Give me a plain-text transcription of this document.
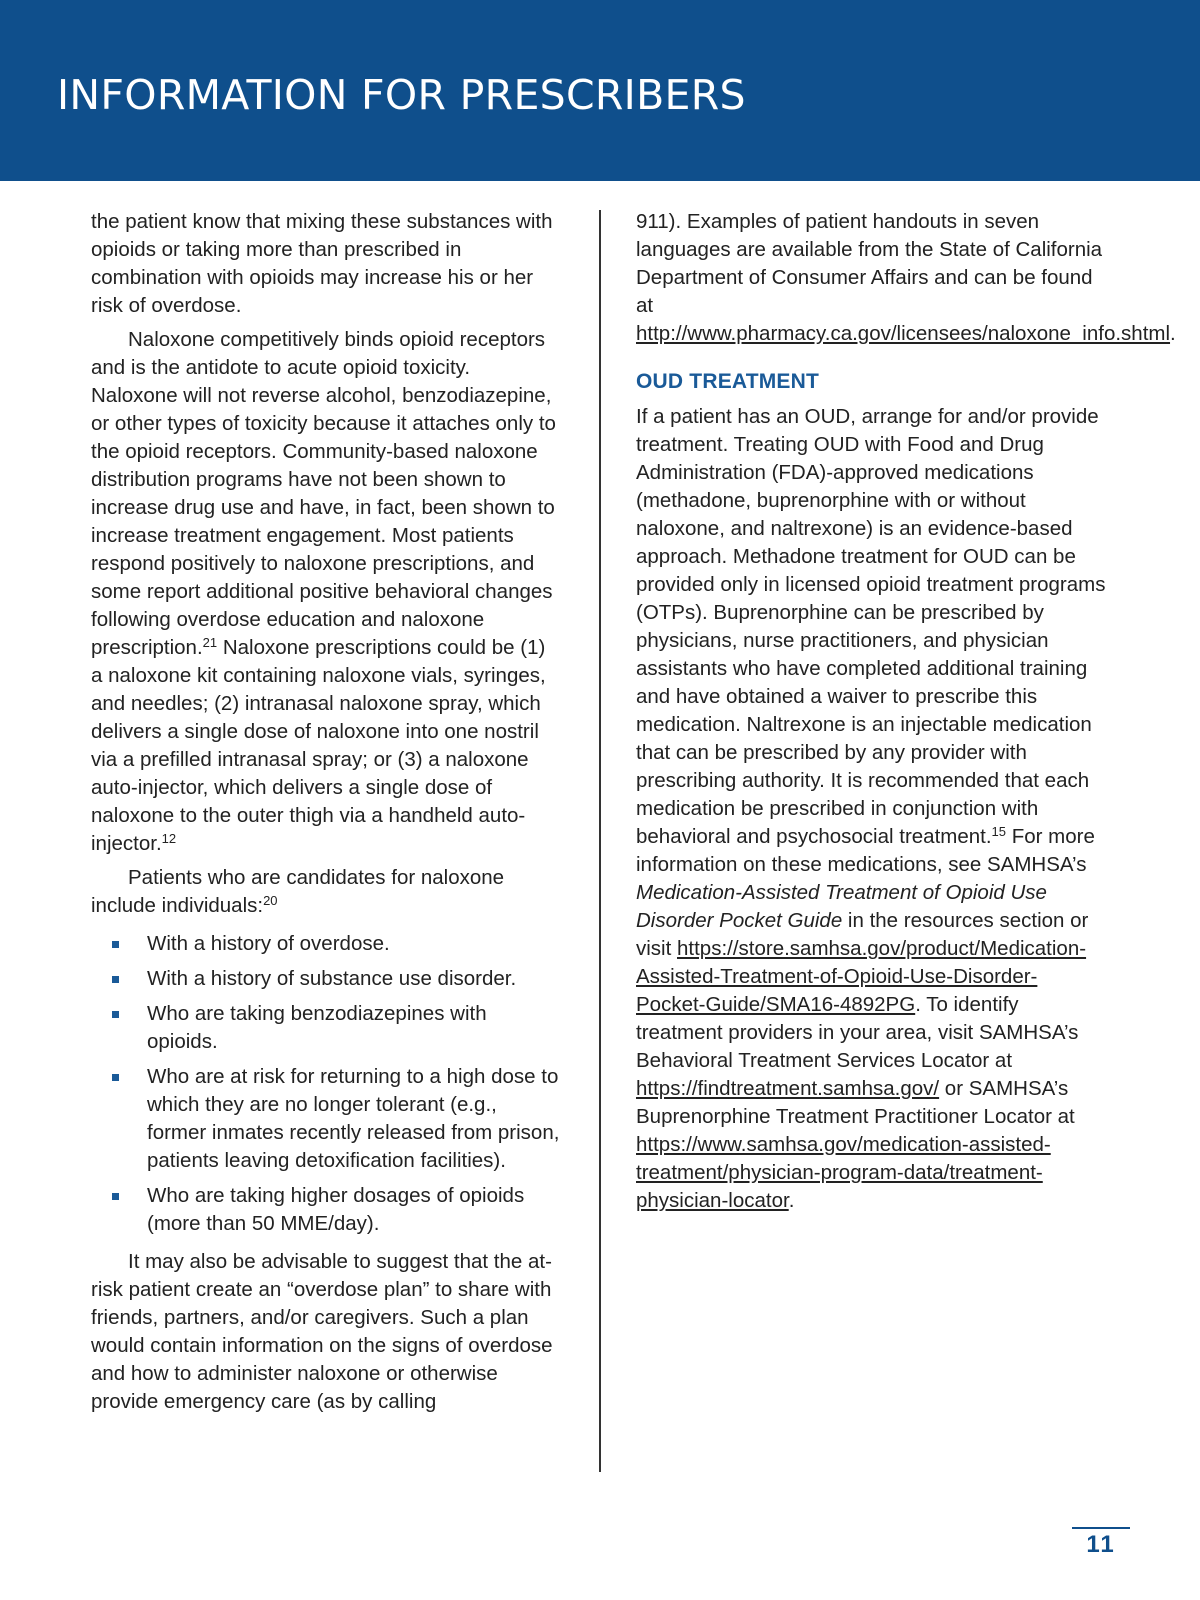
INFORMATION FOR PRESCRIBERS

the patient know that mixing these substances with opioids or taking more than prescribed in combination with opioids may increase his or her risk of overdose.

Naloxone competitively binds opioid receptors and is the antidote to acute opioid toxicity. Naloxone will not reverse alcohol, benzodiazepine, or other types of toxicity because it attaches only to the opioid receptors. Community-based naloxone distribution programs have not been shown to increase drug use and have, in fact, been shown to increase treatment engagement. Most patients respond positively to naloxone prescriptions, and some report additional positive behavioral changes following overdose education and naloxone prescription.$^{21}$ Naloxone prescriptions could be (1) a naloxone kit containing naloxone vials, syringes, and needles; (2) intranasal naloxone spray, which delivers a single dose of naloxone into one nostril via a prefilled intranasal spray; or (3) a naloxone auto-injector, which delivers a single dose of naloxone to the outer thigh via a handheld auto-injector.$^{12}$

Patients who are candidates for naloxone include individuals:$^{20}$

With a history of overdose.
With a history of substance use disorder.
Who are taking benzodiazepines with opioids.
Who are at risk for returning to a high dose to which they are no longer tolerant (e.g., former inmates recently released from prison, patients leaving detoxification facilities).
Who are taking higher dosages of opioids (more than 50 MME/day).

It may also be advisable to suggest that the at-risk patient create an “overdose plan” to share with friends, partners, and/or caregivers. Such a plan would contain information on the signs of overdose and how to administer naloxone or otherwise provide emergency care (as by calling

911). Examples of patient handouts in seven languages are available from the State of California Department of Consumer Affairs and can be found at http://www.pharmacy.ca.gov/licensees/naloxone_info.shtml.

OUD TREATMENT

If a patient has an OUD, arrange for and/or provide treatment. Treating OUD with Food and Drug Administration (FDA)-approved medications (methadone, buprenorphine with or without naloxone, and naltrexone) is an evidence-based approach. Methadone treatment for OUD can be provided only in licensed opioid treatment programs (OTPs). Buprenorphine can be prescribed by physicians, nurse practitioners, and physician assistants who have completed additional training and have obtained a waiver to prescribe this medication. Naltrexone is an injectable medication that can be prescribed by any provider with prescribing authority. It is recommended that each medication be prescribed in conjunction with behavioral and psychosocial treatment.$^{15}$ For more information on these medications, see SAMHSA’s Medication-Assisted Treatment of Opioid Use Disorder Pocket Guide in the resources section or visit https://store.samhsa.gov/product/Medication-Assisted-Treatment-of-Opioid-Use-Disorder-Pocket-Guide/SMA16-4892PG. To identify treatment providers in your area, visit SAMHSA’s Behavioral Treatment Services Locator at https://findtreatment.samhsa.gov/ or SAMHSA’s Buprenorphine Treatment Practitioner Locator at https://www.samhsa.gov/medication-assisted-treatment/physician-program-data/treatment-physician-locator.

11
